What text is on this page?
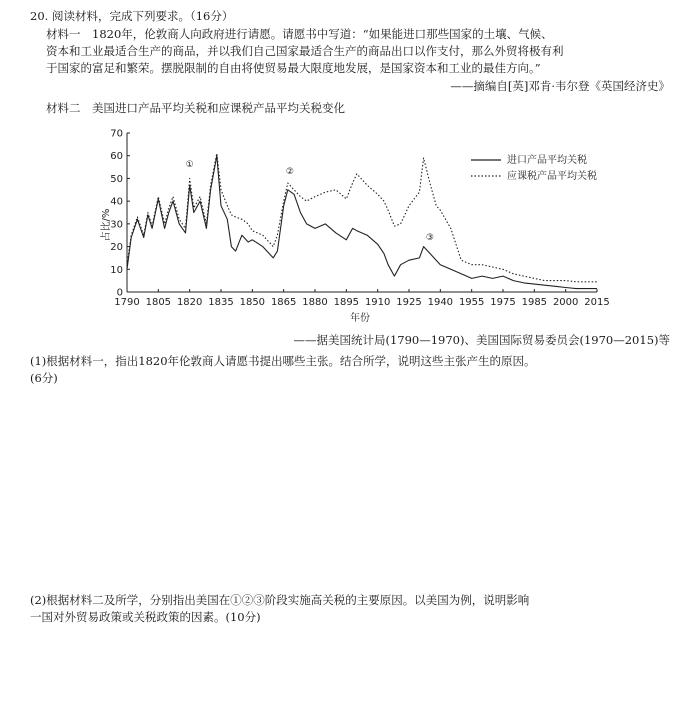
20. 阅读材料，完成下列要求。（16分）
材料一　1820年，伦敦商人向政府进行请愿。请愿书中写道：“如果能进口那些国家的土壤、气候、
资本和工业最适合生产的商品，并以我们自己国家最适合生产的商品出口以作支付，那么外贸将极有利
于国家的富足和繁荣。摆脱限制的自由将使贸易最大限度地发展，是国家资本和工业的最佳方向。”
——摘编自[英]邓肯·韦尔登《英国经济史》
材料二　美国进口产品平均关税和应课税产品平均关税变化
0
10
20
30
40
50
60
70
1790 1805 1820 1835 1850 1865 1880 1895 1910 1925 1940 1955 1975 1985 2000 2015
①
②
③
占比/%
年份
进口产品平均关税
应课税产品平均关税
——据美国统计局(1790—1970)、美国国际贸易委员会(1970—2015)等
(1)根据材料一，指出1820年伦敦商人请愿书提出哪些主张。结合所学，说明这些主张产生的原因。
(6分)
(2)根据材料二及所学，分别指出美国在①②③阶段实施高关税的主要原因。以美国为例，说明影响
一国对外贸易政策或关税政策的因素。(10分)
